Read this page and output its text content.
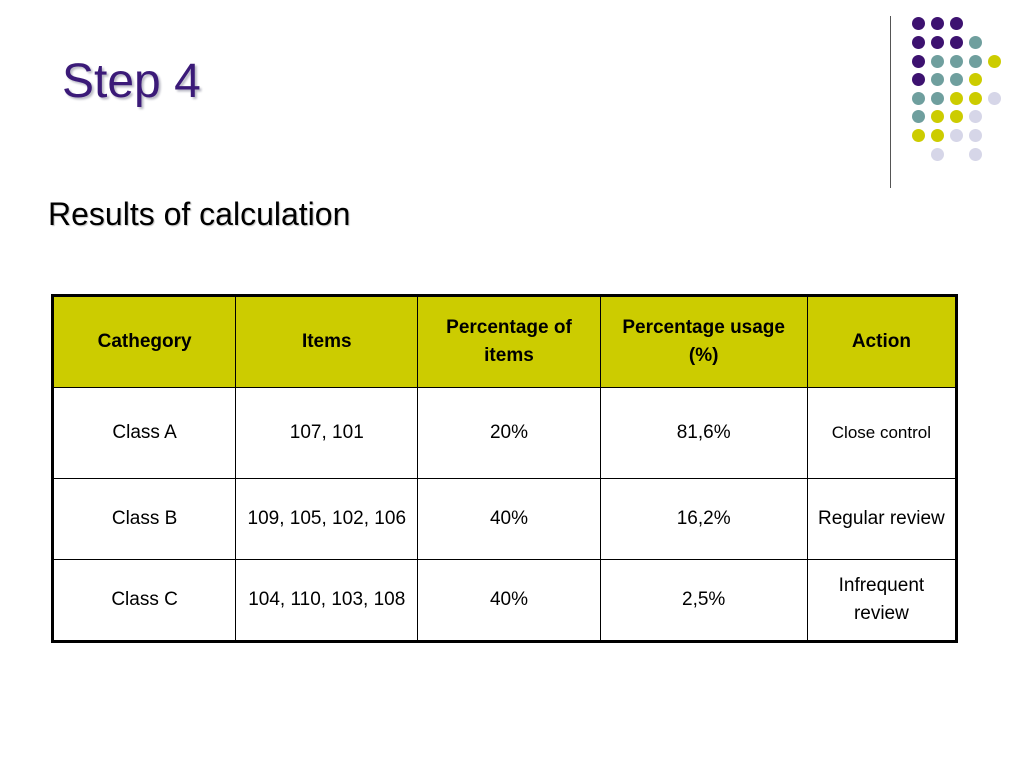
Step 4
Results of calculation
Cathegory	Items	Percentage of items	Percentage usage (%)	Action
Class A	107, 101	20%	81,6%	Close control
Class B	109, 105, 102, 106	40%	16,2%	Regular review
Class C	104, 110, 103, 108	40%	2,5%	Infrequent review
